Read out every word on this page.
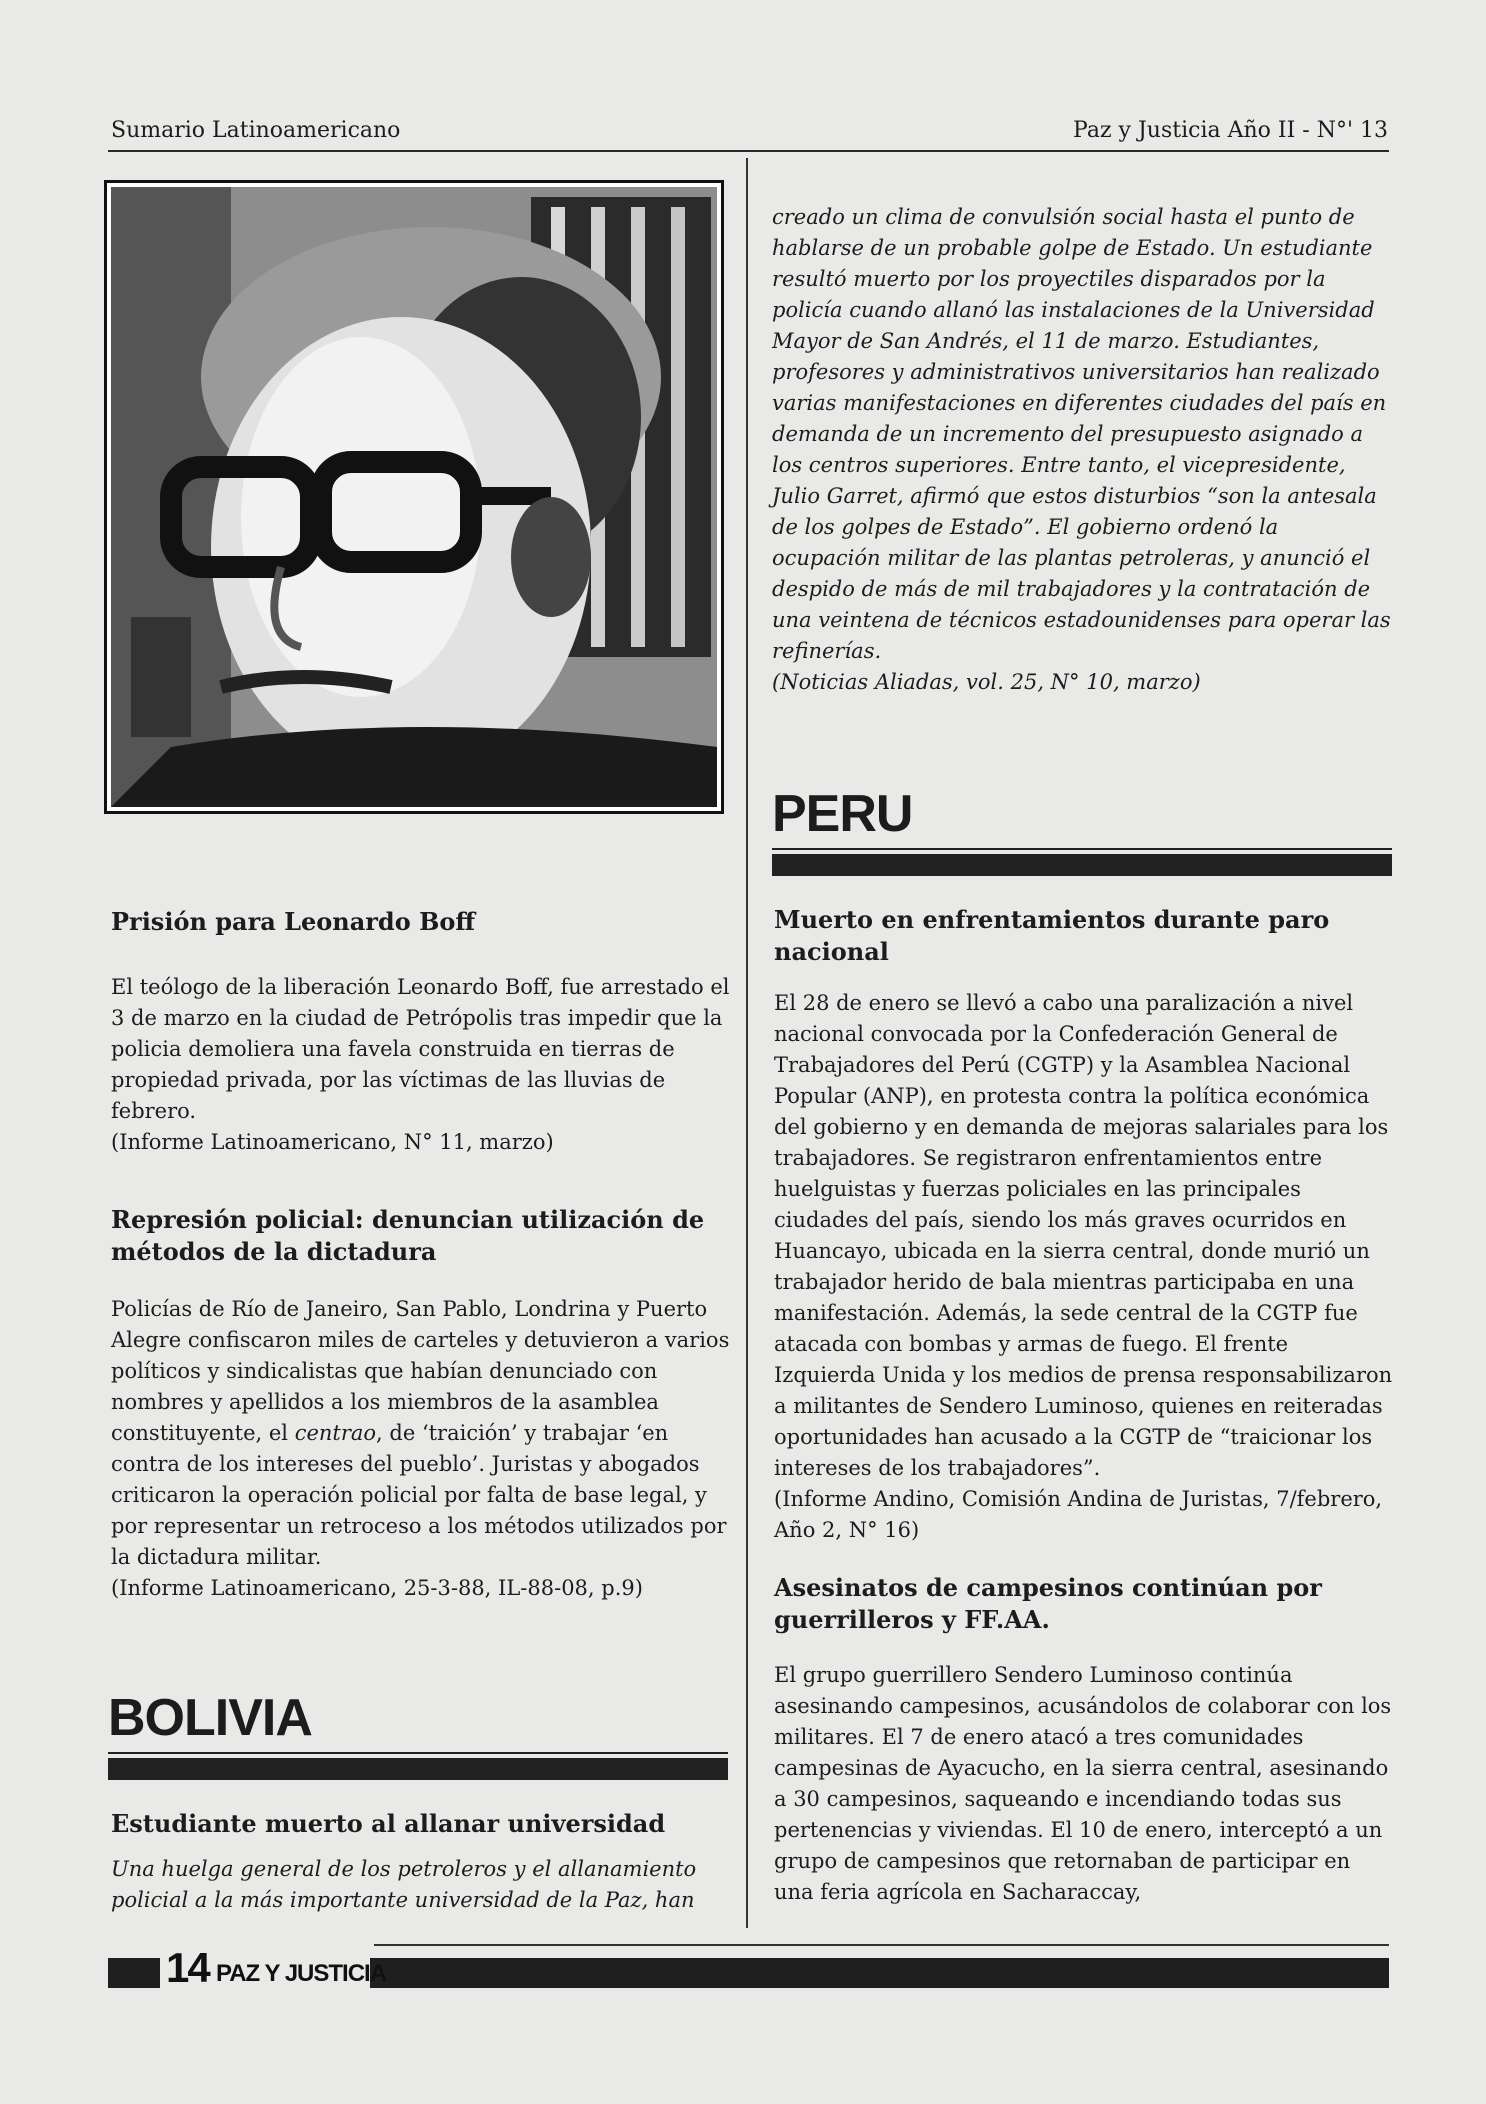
Sumario Latinoamericano	Paz y Justicia Año II - N°' 13
Prisión para Leonardo Boff
El teólogo de la liberación Leonardo Boff, fue arrestado el 3 de marzo en la ciudad de Petrópolis tras impedir que la policia demoliera una favela construida en tierras de propiedad privada, por las víctimas de las lluvias de febrero.
(Informe Latinoamericano, N° 11, marzo)
Represión policial: denuncian utilización de métodos de la dictadura
Policías de Río de Janeiro, San Pablo, Londrina y Puerto Alegre confiscaron miles de carteles y detuvieron a varios políticos y sindicalistas que habían denunciado con nombres y apellidos a los miembros de la asamblea constituyente, el centrao, de ‘traición’ y trabajar ‘en contra de los intereses del pueblo’. Juristas y abogados criticaron la operación policial por falta de base legal, y por representar un retroceso a los métodos utilizados por la dictadura militar.
(Informe Latinoamericano, 25-3-88, IL-88-08, p.9)
BOLIVIA
Estudiante muerto al allanar universidad
Una huelga general de los petroleros y el allanamiento policial a la más importante universidad de la Paz, han
creado un clima de convulsión social hasta el punto de hablarse de un probable golpe de Estado. Un estudiante resultó muerto por los proyectiles disparados por la policía cuando allanó las instalaciones de la Universidad Mayor de San Andrés, el 11 de marzo. Estudiantes, profesores y administrativos universitarios han realizado varias manifestaciones en diferentes ciudades del país en demanda de un incremento del presupuesto asignado a los centros superiores. Entre tanto, el vicepresidente, Julio Garret, afirmó que estos disturbios “son la antesala de los golpes de Estado”. El gobierno ordenó la ocupación militar de las plantas petroleras, y anunció el despido de más de mil trabajadores y la contratación de una veintena de técnicos estadounidenses para operar las refinerías.
(Noticias Aliadas, vol. 25, N° 10, marzo)
PERU
Muerto en enfrentamientos durante paro nacional
El 28 de enero se llevó a cabo una paralización a nivel nacional convocada por la Confederación General de Trabajadores del Perú (CGTP) y la Asamblea Nacional Popular (ANP), en protesta contra la política económica del gobierno y en demanda de mejoras salariales para los trabajadores. Se registraron enfrentamientos entre huelguistas y fuerzas policiales en las principales ciudades del país, siendo los más graves ocurridos en Huancayo, ubicada en la sierra central, donde murió un trabajador herido de bala mientras participaba en una manifestación. Además, la sede central de la CGTP fue atacada con bombas y armas de fuego. El frente Izquierda Unida y los medios de prensa responsabilizaron a militantes de Sendero Luminoso, quienes en reiteradas oportunidades han acusado a la CGTP de “traicionar los intereses de los trabajadores”.
(Informe Andino, Comisión Andina de Juristas, 7/febrero, Año 2, N° 16)
Asesinatos de campesinos continúan por guerrilleros y FF.AA.
El grupo guerrillero Sendero Luminoso continúa asesinando campesinos, acusándolos de colaborar con los militares. El 7 de enero atacó a tres comunidades campesinas de Ayacucho, en la sierra central, asesinando a 30 campesinos, saqueando e incendiando todas sus pertenencias y viviendas. El 10 de enero, interceptó a un grupo de campesinos que retornaban de participar en una feria agrícola en Sacharaccay,
14 PAZ Y JUSTICIA
